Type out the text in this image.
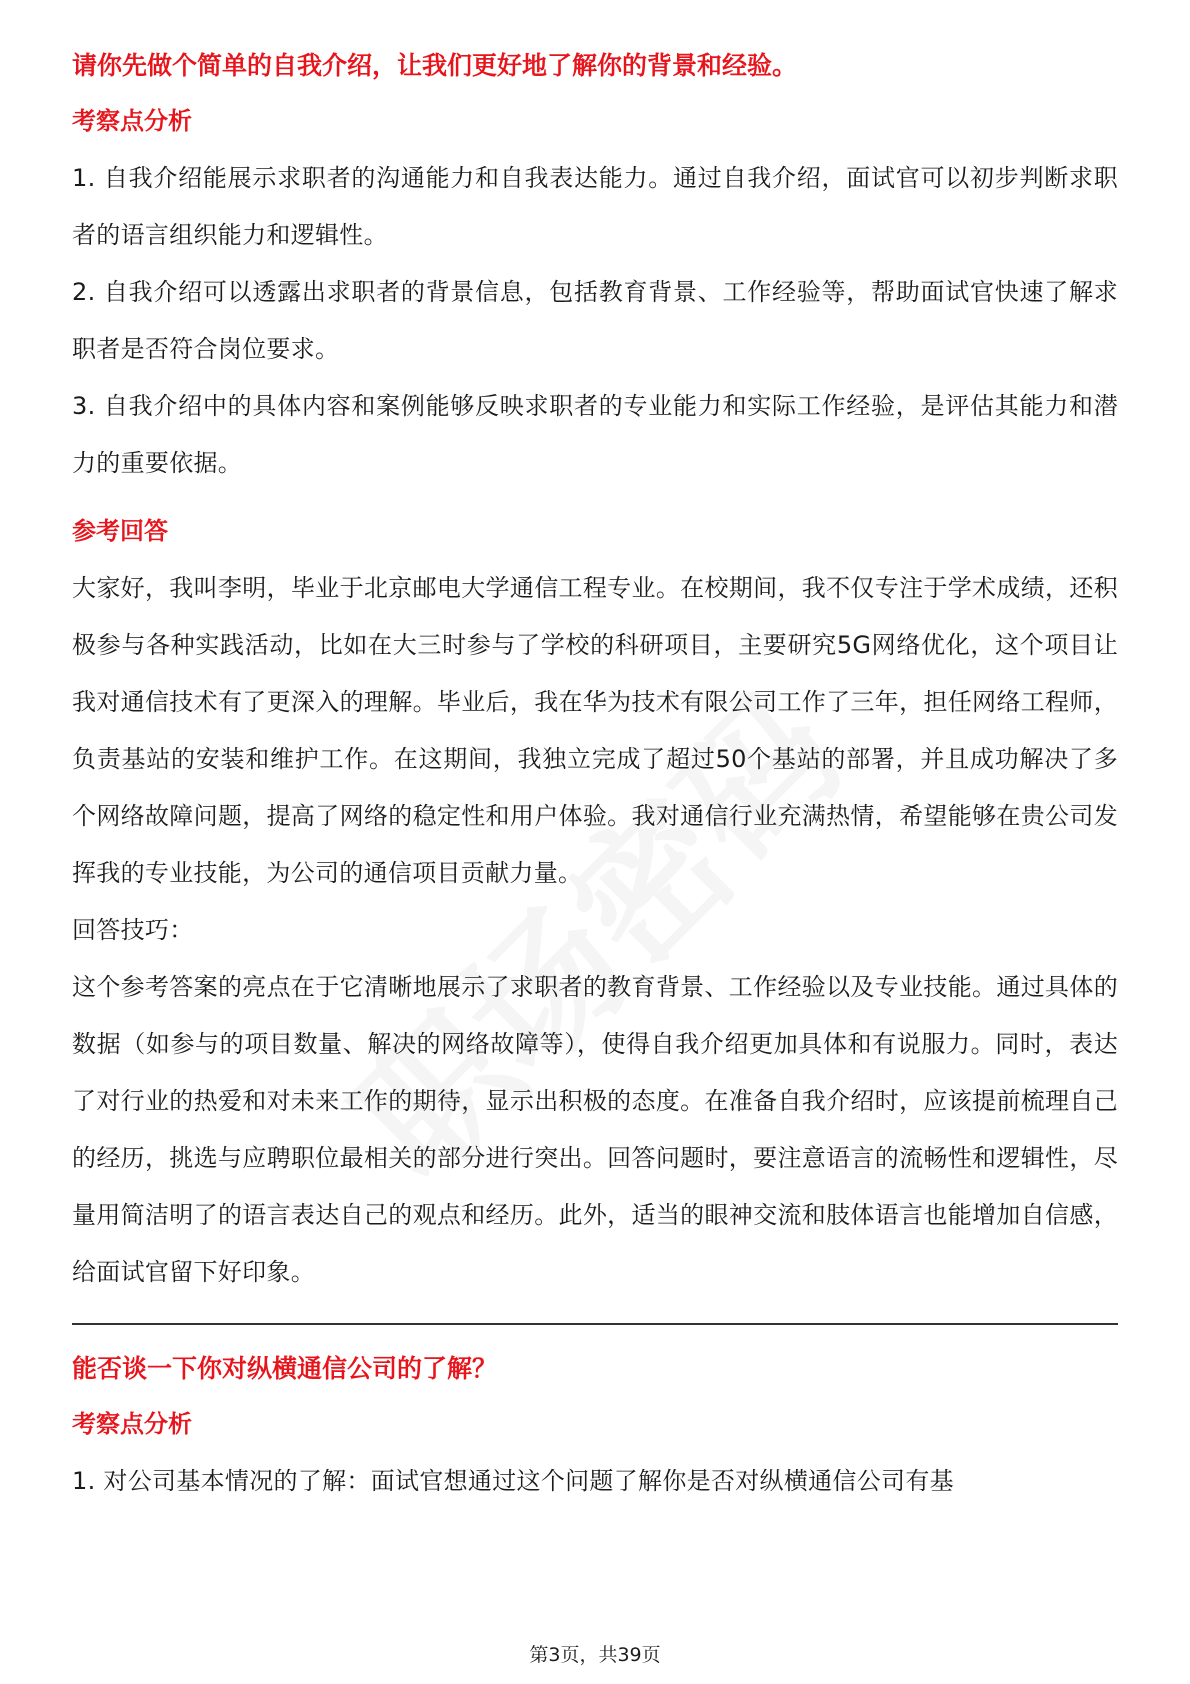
请你先做个简单的自我介绍，让我们更好地了解你的背景和经验。

考察点分析

1. 自我介绍能展示求职者的沟通能力和自我表达能力。通过自我介绍，面试官可以初步判断求职者的语言组织能力和逻辑性。

2. 自我介绍可以透露出求职者的背景信息，包括教育背景、工作经验等，帮助面试官快速了解求职者是否符合岗位要求。

3. 自我介绍中的具体内容和案例能够反映求职者的专业能力和实际工作经验，是评估其能力和潜力的重要依据。

参考回答

大家好，我叫李明，毕业于北京邮电大学通信工程专业。在校期间，我不仅专注于学术成绩，还积极参与各种实践活动，比如在大三时参与了学校的科研项目，主要研究5G网络优化，这个项目让我对通信技术有了更深入的理解。毕业后，我在华为技术有限公司工作了三年，担任网络工程师，负责基站的安装和维护工作。在这期间，我独立完成了超过50个基站的部署，并且成功解决了多个网络故障问题，提高了网络的稳定性和用户体验。我对通信行业充满热情，希望能够在贵公司发挥我的专业技能，为公司的通信项目贡献力量。

回答技巧：

这个参考答案的亮点在于它清晰地展示了求职者的教育背景、工作经验以及专业技能。通过具体的数据（如参与的项目数量、解决的网络故障等），使得自我介绍更加具体和有说服力。同时，表达了对行业的热爱和对未来工作的期待，显示出积极的态度。在准备自我介绍时，应该提前梳理自己的经历，挑选与应聘职位最相关的部分进行突出。回答问题时，要注意语言的流畅性和逻辑性，尽量用简洁明了的语言表达自己的观点和经历。此外，适当的眼神交流和肢体语言也能增加自信感，给面试官留下好印象。

能否谈一下你对纵横通信公司的了解？

考察点分析

1. 对公司基本情况的了解：面试官想通过这个问题了解你是否对纵横通信公司有基

第3页，共39页
